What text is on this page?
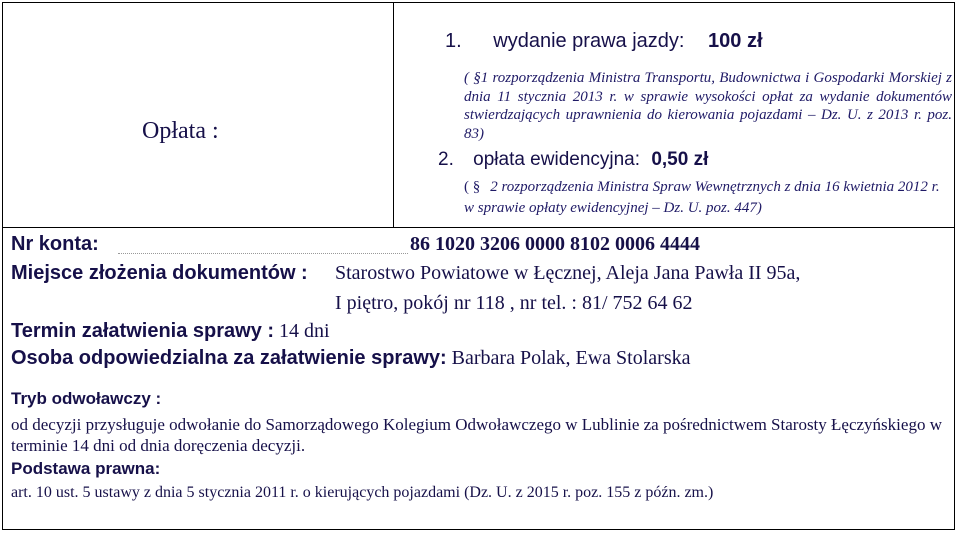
Opłata :
1. wydanie prawa jazdy: 100 zł
( §1 rozporządzenia Ministra Transportu, Budownictwa i Gospodarki Morskiej z dnia 11 stycznia 2013 r. w sprawie wysokości opłat za wydanie dokumentów stwierdzających uprawnienia do kierowania pojazdami – Dz. U. z 2013 r. poz. 83)
2. opłata ewidencyjna: 0,50 zł
( § 2 rozporządzenia Ministra Spraw Wewnętrznych z dnia 16 kwietnia 2012 r. w sprawie opłaty ewidencyjnej – Dz. U. poz. 447)
Nr konta:	86 1020 3206 0000 8102 0006 4444
Miejsce złożenia dokumentów : Starostwo Powiatowe w Łęcznej, Aleja Jana Pawła II 95a,
I piętro, pokój nr 118 , nr tel. : 81/ 752 64 62
Termin załatwienia sprawy : 14 dni
Osoba odpowiedzialna za załatwienie sprawy: Barbara Polak, Ewa Stolarska
Tryb odwoławczy :
od decyzji przysługuje odwołanie do Samorządowego Kolegium Odwoławczego w Lublinie za pośrednictwem Starosty Łęczyńskiego w terminie 14 dni od dnia doręczenia decyzji.
Podstawa prawna:
art. 10 ust. 5 ustawy z dnia 5 stycznia 2011 r. o kierujących pojazdami (Dz. U. z 2015 r. poz. 155 z późn. zm.)
